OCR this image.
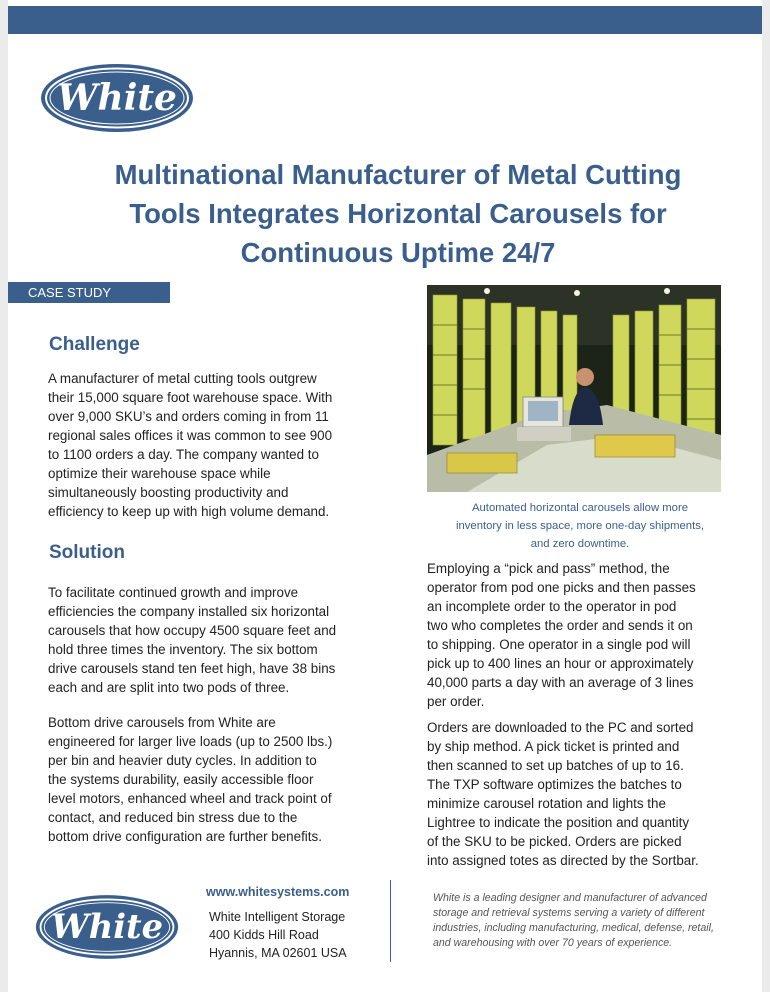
White
Multinational Manufacturer of Metal Cutting
Tools Integrates Horizontal Carousels for
Continuous Uptime 24/7
CASE STUDY
Challenge

A manufacturer of metal cutting tools outgrew
their 15,000 square foot warehouse space. With
over 9,000 SKU’s and orders coming in from 11
regional sales offices it was common to see 900
to 1100 orders a day. The company wanted to
optimize their warehouse space while
simultaneously boosting productivity and
efficiency to keep up with high volume demand.

Solution

To facilitate continued growth and improve
efficiencies the company installed six horizontal
carousels that how occupy 4500 square feet and
hold three times the inventory. The six bottom
drive carousels stand ten feet high, have 38 bins
each and are split into two pods of three.

Bottom drive carousels from White are
engineered for larger live loads (up to 2500 lbs.)
per bin and heavier duty cycles. In addition to
the systems durability, easily accessible floor
level motors, enhanced wheel and track point of
contact, and reduced bin stress due to the
bottom drive configuration are further benefits.

Automated horizontal carousels allow more
inventory in less space, more one-day shipments,
and zero downtime.

Employing a “pick and pass” method, the
operator from pod one picks and then passes
an incomplete order to the operator in pod
two who completes the order and sends it on
to shipping. One operator in a single pod will
pick up to 400 lines an hour or approximately
40,000 parts a day with an average of 3 lines
per order.

Orders are downloaded to the PC and sorted
by ship method. A pick ticket is printed and
then scanned to set up batches of up to 16.
The TXP software optimizes the batches to
minimize carousel rotation and lights the
Lightree to indicate the position and quantity
of the SKU to be picked. Orders are picked
into assigned totes as directed by the Sortbar.

White

www.whitesystems.com

White Intelligent Storage
400 Kidds Hill Road
Hyannis, MA 02601 USA

White is a leading designer and manufacturer of advanced
storage and retrieval systems serving a variety of different
industries, including manufacturing, medical, defense, retail,
and warehousing with over 70 years of experience.
